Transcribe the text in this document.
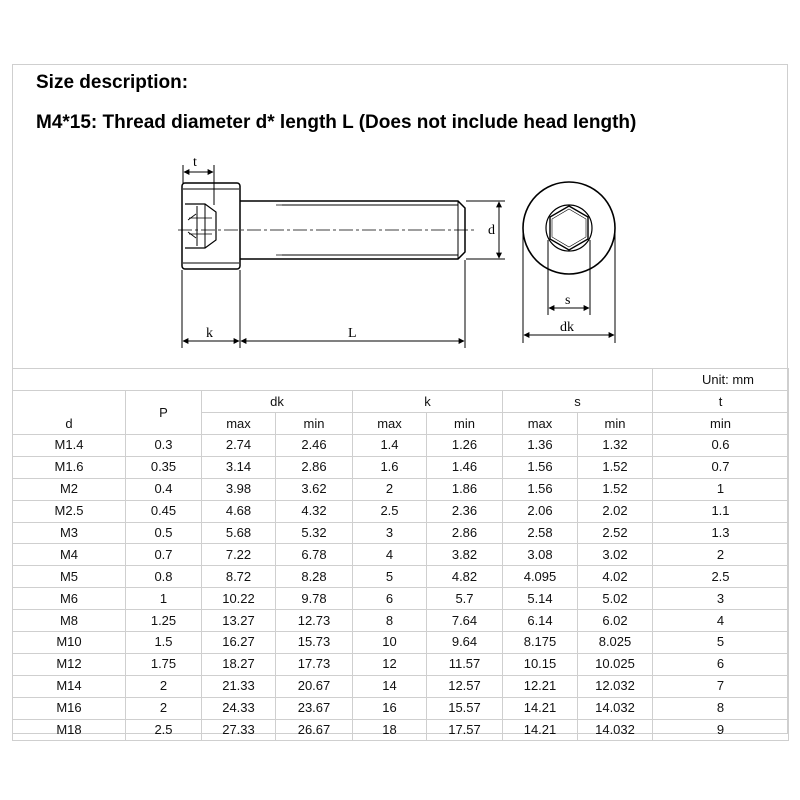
Size description:
M4*15: Thread diameter d* length L (Does not include head length)
t
d
k	L
s
dk
								Unit: mm
d	P	dk		k		s		t
		max	min	max	min	max	min	min
M1.4	0.3	2.74	2.46	1.4	1.26	1.36	1.32	0.6
M1.6	0.35	3.14	2.86	1.6	1.46	1.56	1.52	0.7
M2	0.4	3.98	3.62	2	1.86	1.56	1.52	1
M2.5	0.45	4.68	4.32	2.5	2.36	2.06	2.02	1.1
M3	0.5	5.68	5.32	3	2.86	2.58	2.52	1.3
M4	0.7	7.22	6.78	4	3.82	3.08	3.02	2
M5	0.8	8.72	8.28	5	4.82	4.095	4.02	2.5
M6	1	10.22	9.78	6	5.7	5.14	5.02	3
M8	1.25	13.27	12.73	8	7.64	6.14	6.02	4
M10	1.5	16.27	15.73	10	9.64	8.175	8.025	5
M12	1.75	18.27	17.73	12	11.57	10.15	10.025	6
M14	2	21.33	20.67	14	12.57	12.21	12.032	7
M16	2	24.33	23.67	16	15.57	14.21	14.032	8
M18	2.5	27.33	26.67	18	17.57	14.21	14.032	9
